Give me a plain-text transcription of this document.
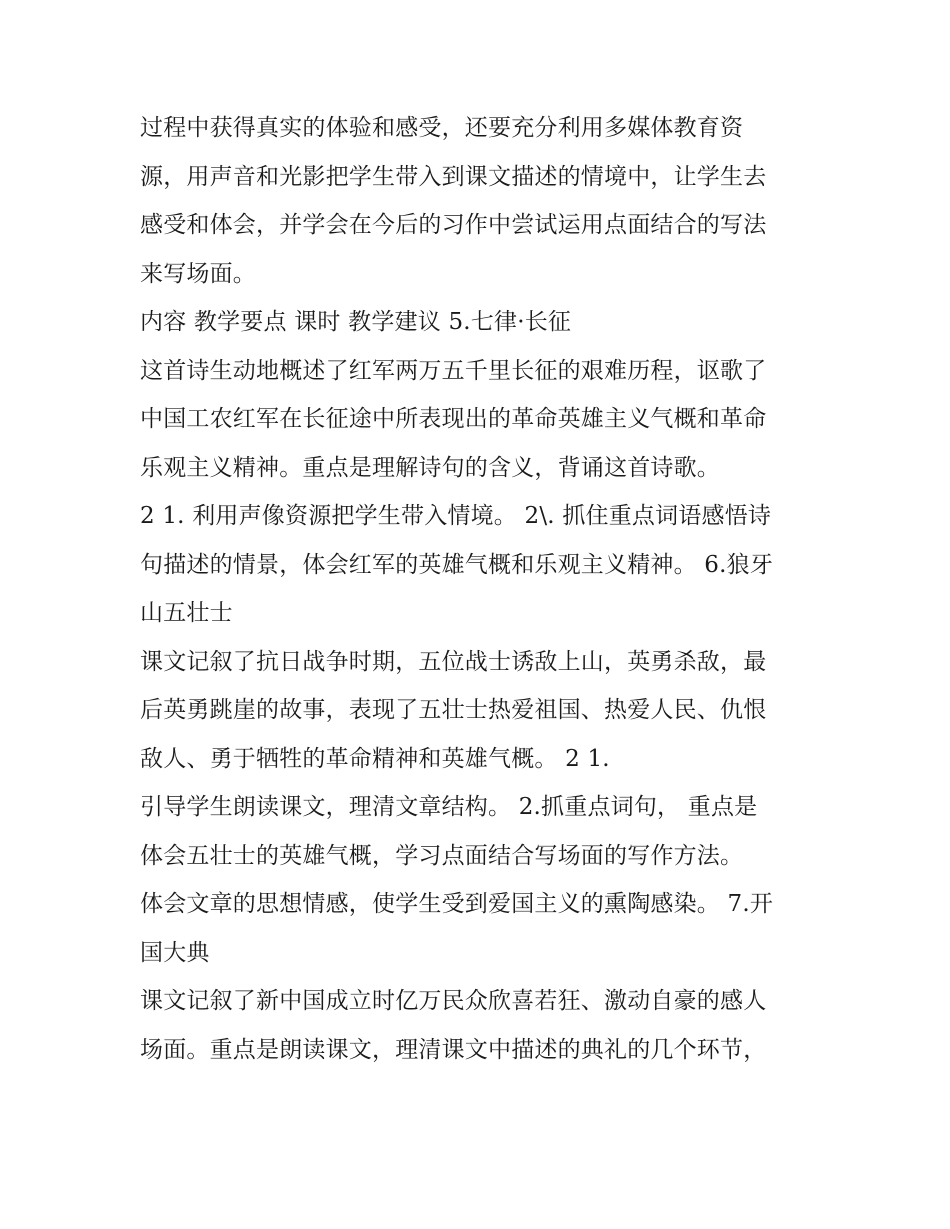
过程中获得真实的体验和感受，还要充分利用多媒体教育资
源，用声音和光影把学生带入到课文描述的情境中，让学生去
感受和体会，并学会在今后的习作中尝试运用点面结合的写法
来写场面。
内容 教学要点 课时 教学建议 5.七律·长征
这首诗生动地概述了红军两万五千里长征的艰难历程，讴歌了
中国工农红军在长征途中所表现出的革命英雄主义气概和革命
乐观主义精神。重点是理解诗句的含义，背诵这首诗歌。
2 1. 利用声像资源把学生带入情境。 2\. 抓住重点词语感悟诗
句描述的情景，体会红军的英雄气概和乐观主义精神。 6.狼牙
山五壮士
课文记叙了抗日战争时期，五位战士诱敌上山，英勇杀敌，最
后英勇跳崖的故事，表现了五壮士热爱祖国、热爱人民、仇恨
敌人、勇于牺牲的革命精神和英雄气概。 2 1.
引导学生朗读课文，理清文章结构。 2.抓重点词句， 重点是
体会五壮士的英雄气概，学习点面结合写场面的写作方法。
体会文章的思想情感，使学生受到爱国主义的熏陶感染。 7.开
国大典
课文记叙了新中国成立时亿万民众欣喜若狂、激动自豪的感人
场面。重点是朗读课文，理清课文中描述的典礼的几个环节，
